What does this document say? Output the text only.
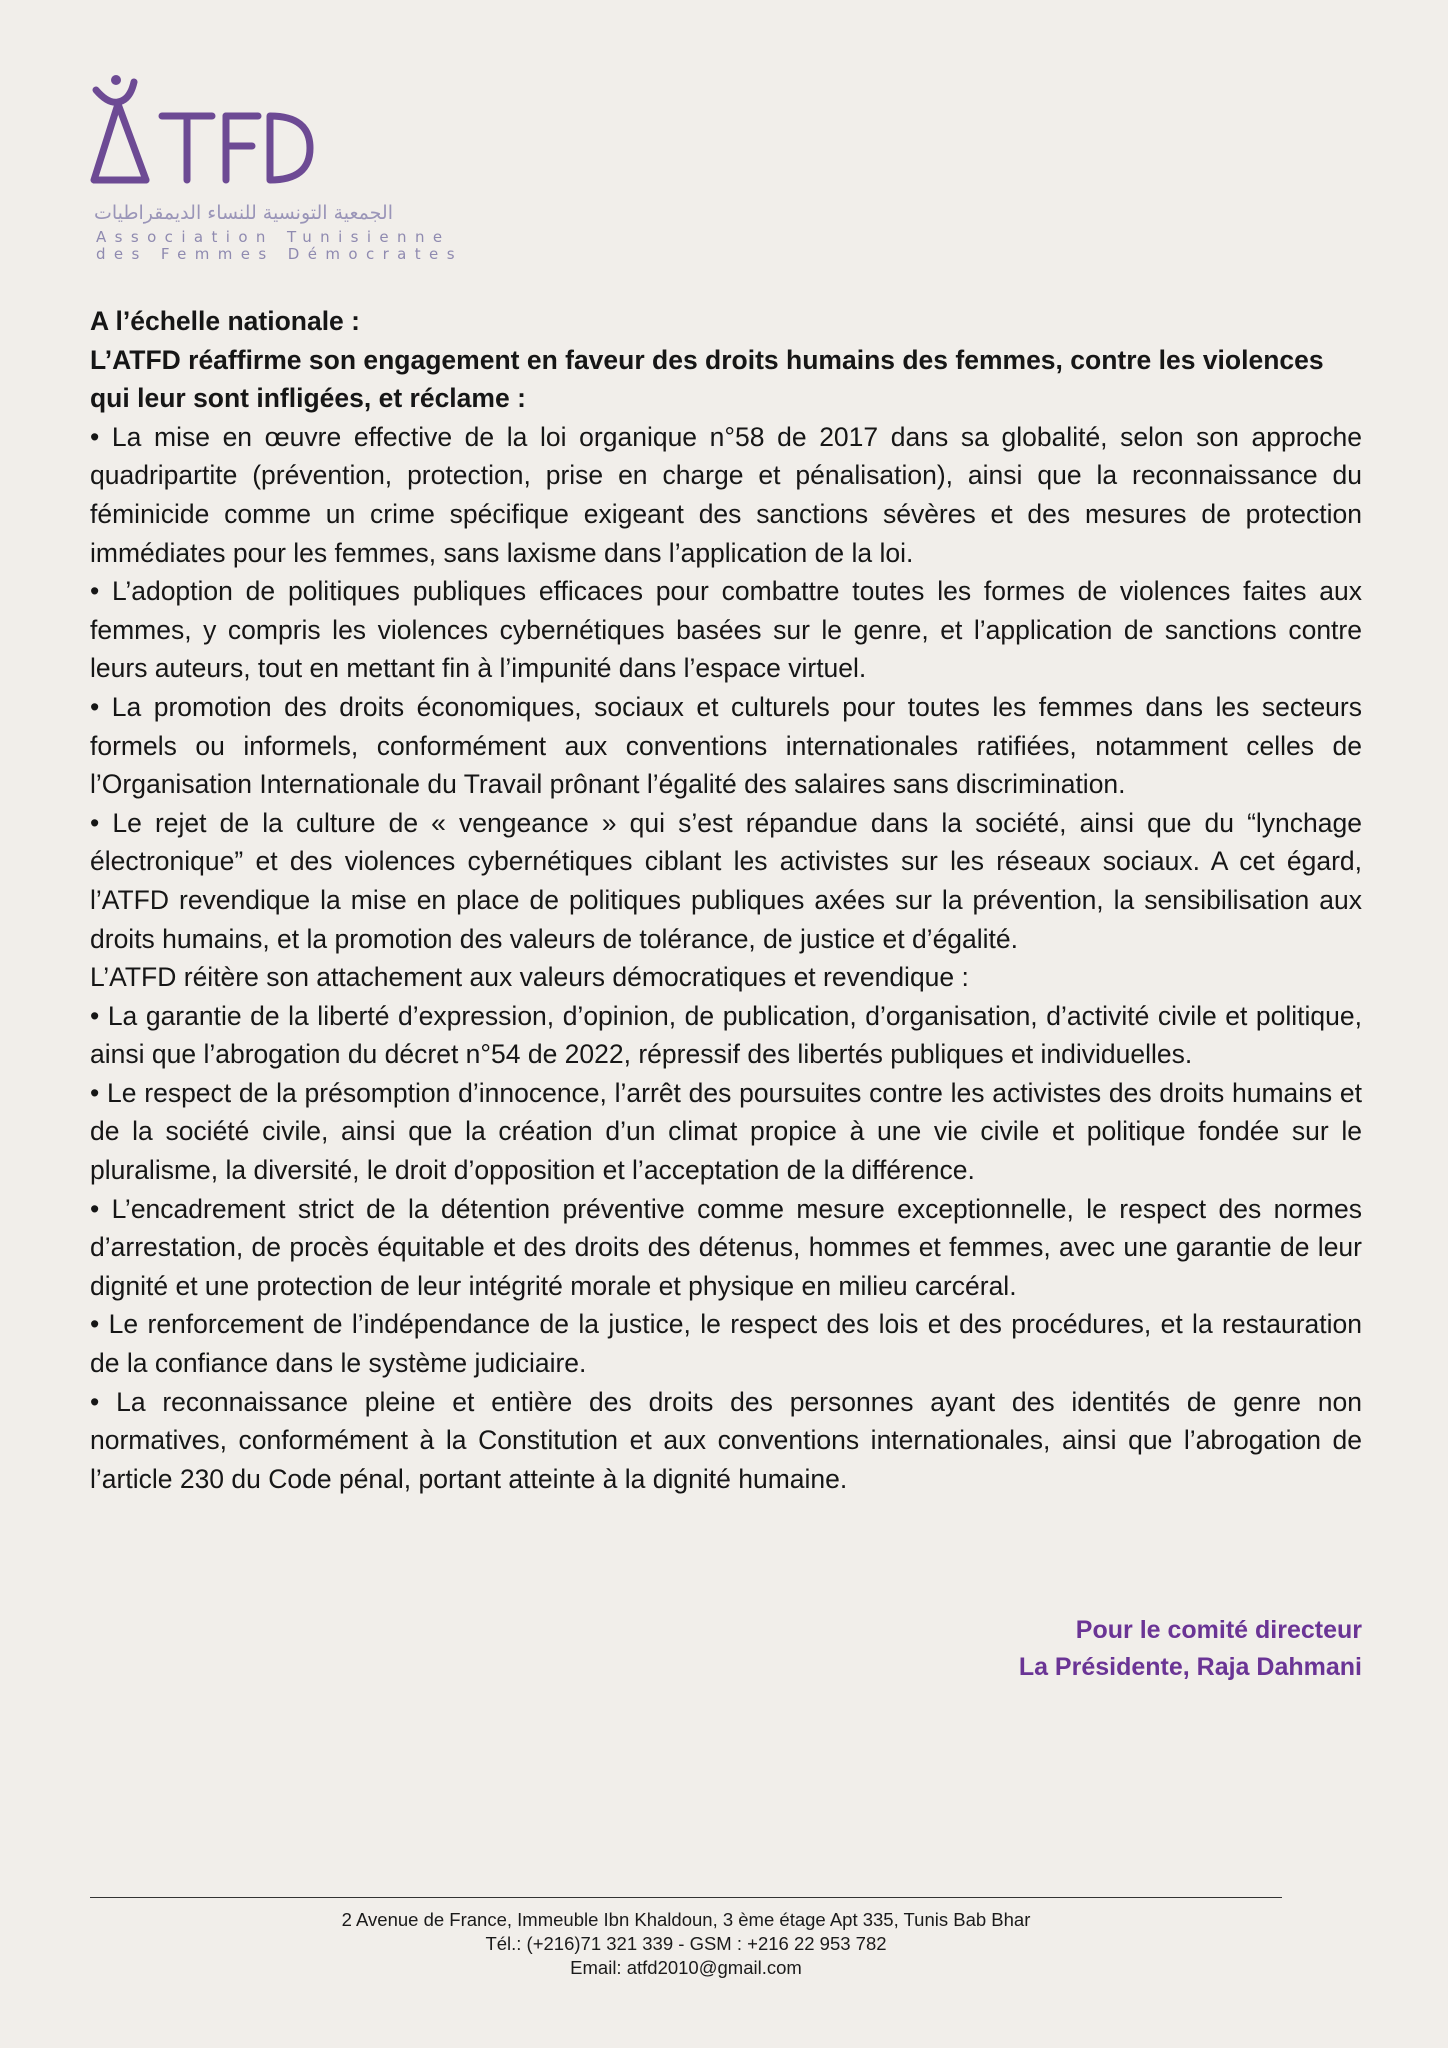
الجمعية التونسية للنساء الديمقراطيات
Association Tunisienne
des Femmes Démocrates

A l’échelle nationale :

L’ATFD réaffirme son engagement en faveur des droits humains des femmes, contre les violences qui leur sont infligées, et réclame :

• La mise en œuvre effective de la loi organique n°58 de 2017 dans sa globalité, selon son approche quadripartite (prévention, protection, prise en charge et pénalisation), ainsi que la reconnaissance du féminicide comme un crime spécifique exigeant des sanctions sévères et des mesures de protection immédiates pour les femmes, sans laxisme dans l’application de la loi.

• L’adoption de politiques publiques efficaces pour combattre toutes les formes de violences faites aux femmes, y compris les violences cybernétiques basées sur le genre, et l’application de sanctions contre leurs auteurs, tout en mettant fin à l’impunité dans l’espace virtuel.

• La promotion des droits économiques, sociaux et culturels pour toutes les femmes dans les secteurs formels ou informels, conformément aux conventions internationales ratifiées, notamment celles de l’Organisation Internationale du Travail prônant l’égalité des salaires sans discrimination.

• Le rejet de la culture de « vengeance » qui s’est répandue dans la société, ainsi que du “lynchage électronique” et des violences cybernétiques ciblant les activistes sur les réseaux sociaux. A cet égard, l’ATFD revendique la mise en place de politiques publiques axées sur la prévention, la sensibilisation aux droits humains, et la promotion des valeurs de tolérance, de justice et d’égalité.

L’ATFD réitère son attachement aux valeurs démocratiques et revendique :

• La garantie de la liberté d’expression, d’opinion, de publication, d’organisation, d’activité civile et politique, ainsi que l’abrogation du décret n°54 de 2022, répressif des libertés publiques et individuelles.

• Le respect de la présomption d’innocence, l’arrêt des poursuites contre les activistes des droits humains et de la société civile, ainsi que la création d’un climat propice à une vie civile et politique fondée sur le pluralisme, la diversité, le droit d’opposition et l’acceptation de la différence.

• L’encadrement strict de la détention préventive comme mesure exceptionnelle, le respect des normes d’arrestation, de procès équitable et des droits des détenus, hommes et femmes, avec une garantie de leur dignité et une protection de leur intégrité morale et physique en milieu carcéral.

• Le renforcement de l’indépendance de la justice, le respect des lois et des procédures, et la restauration de la confiance dans le système judiciaire.

• La reconnaissance pleine et entière des droits des personnes ayant des identités de genre non normatives, conformément à la Constitution et aux conventions internationales, ainsi que l’abrogation de l’article 230 du Code pénal, portant atteinte à la dignité humaine.

Pour le comité directeur
La Présidente, Raja Dahmani
2 Avenue de France, Immeuble Ibn Khaldoun, 3 ème étage Apt 335, Tunis Bab Bhar
Tél.: (+216)71 321 339 - GSM : +216 22 953 782
Email: atfd2010@gmail.com
